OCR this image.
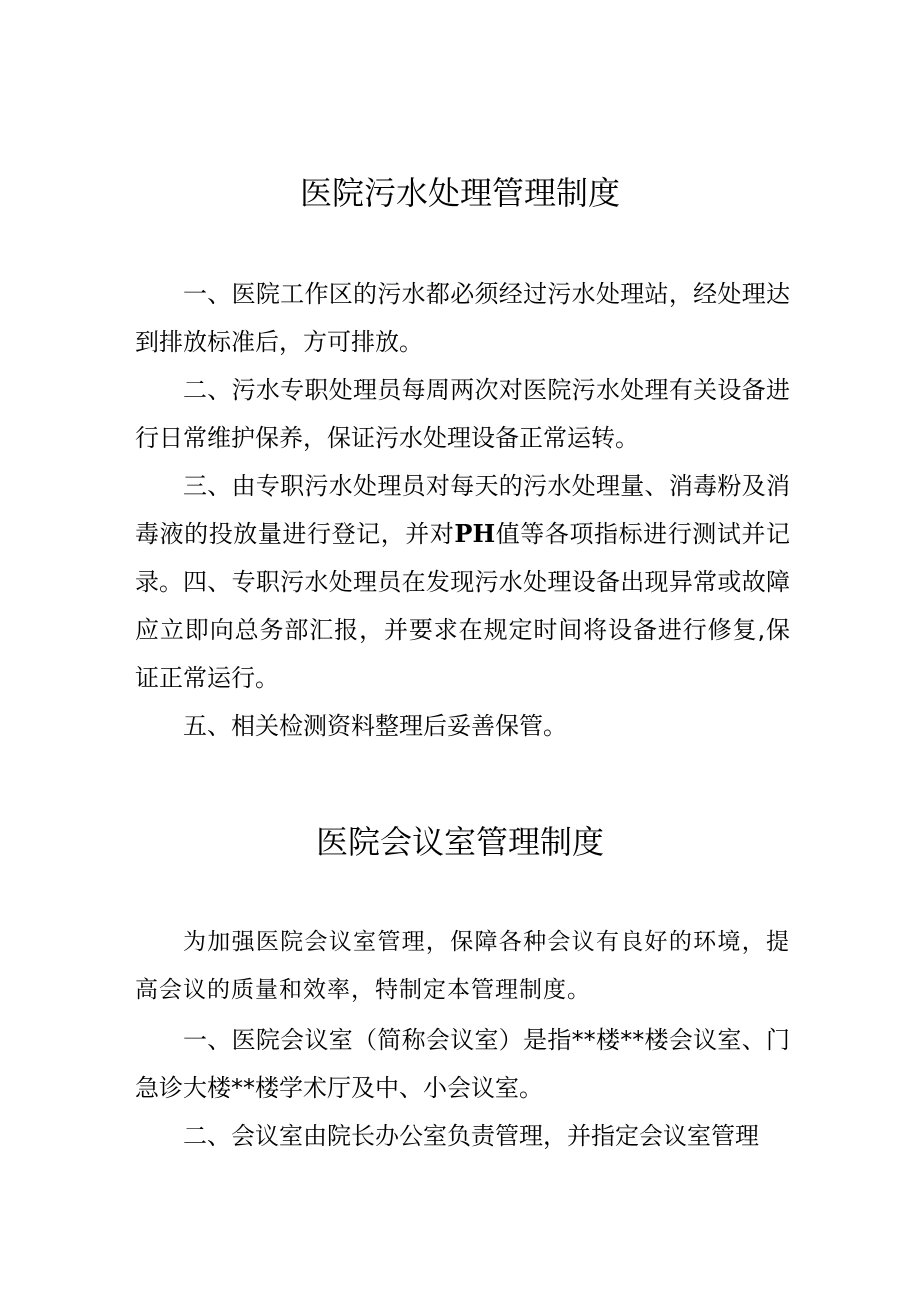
医院污水处理管理制度

一、医院工作区的污水都必须经过污水处理站，经处理达到排放标准后，方可排放。

二、污水专职处理员每周两次对医院污水处理有关设备进行日常维护保养，保证污水处理设备正常运转。

三、由专职污水处理员对每天的污水处理量、消毒粉及消毒液的投放量进行登记，并对PH值等各项指标进行测试并记录。 四、专职污水处理员在发现污水处理设备出现异常或故障应立即向总务部汇报，并要求在规定时间将设备进行修复,保证正常运行。

五、相关检测资料整理后妥善保管。

医院会议室管理制度

为加强医院会议室管理，保障各种会议有良好的环境，提高会议的质量和效率，特制定本管理制度。

一、医院会议室（简称会议室）是指**楼**楼会议室、门急诊大楼**楼学术厅及中、小会议室。

二、会议室由院长办公室负责管理，并指定会议室管理
